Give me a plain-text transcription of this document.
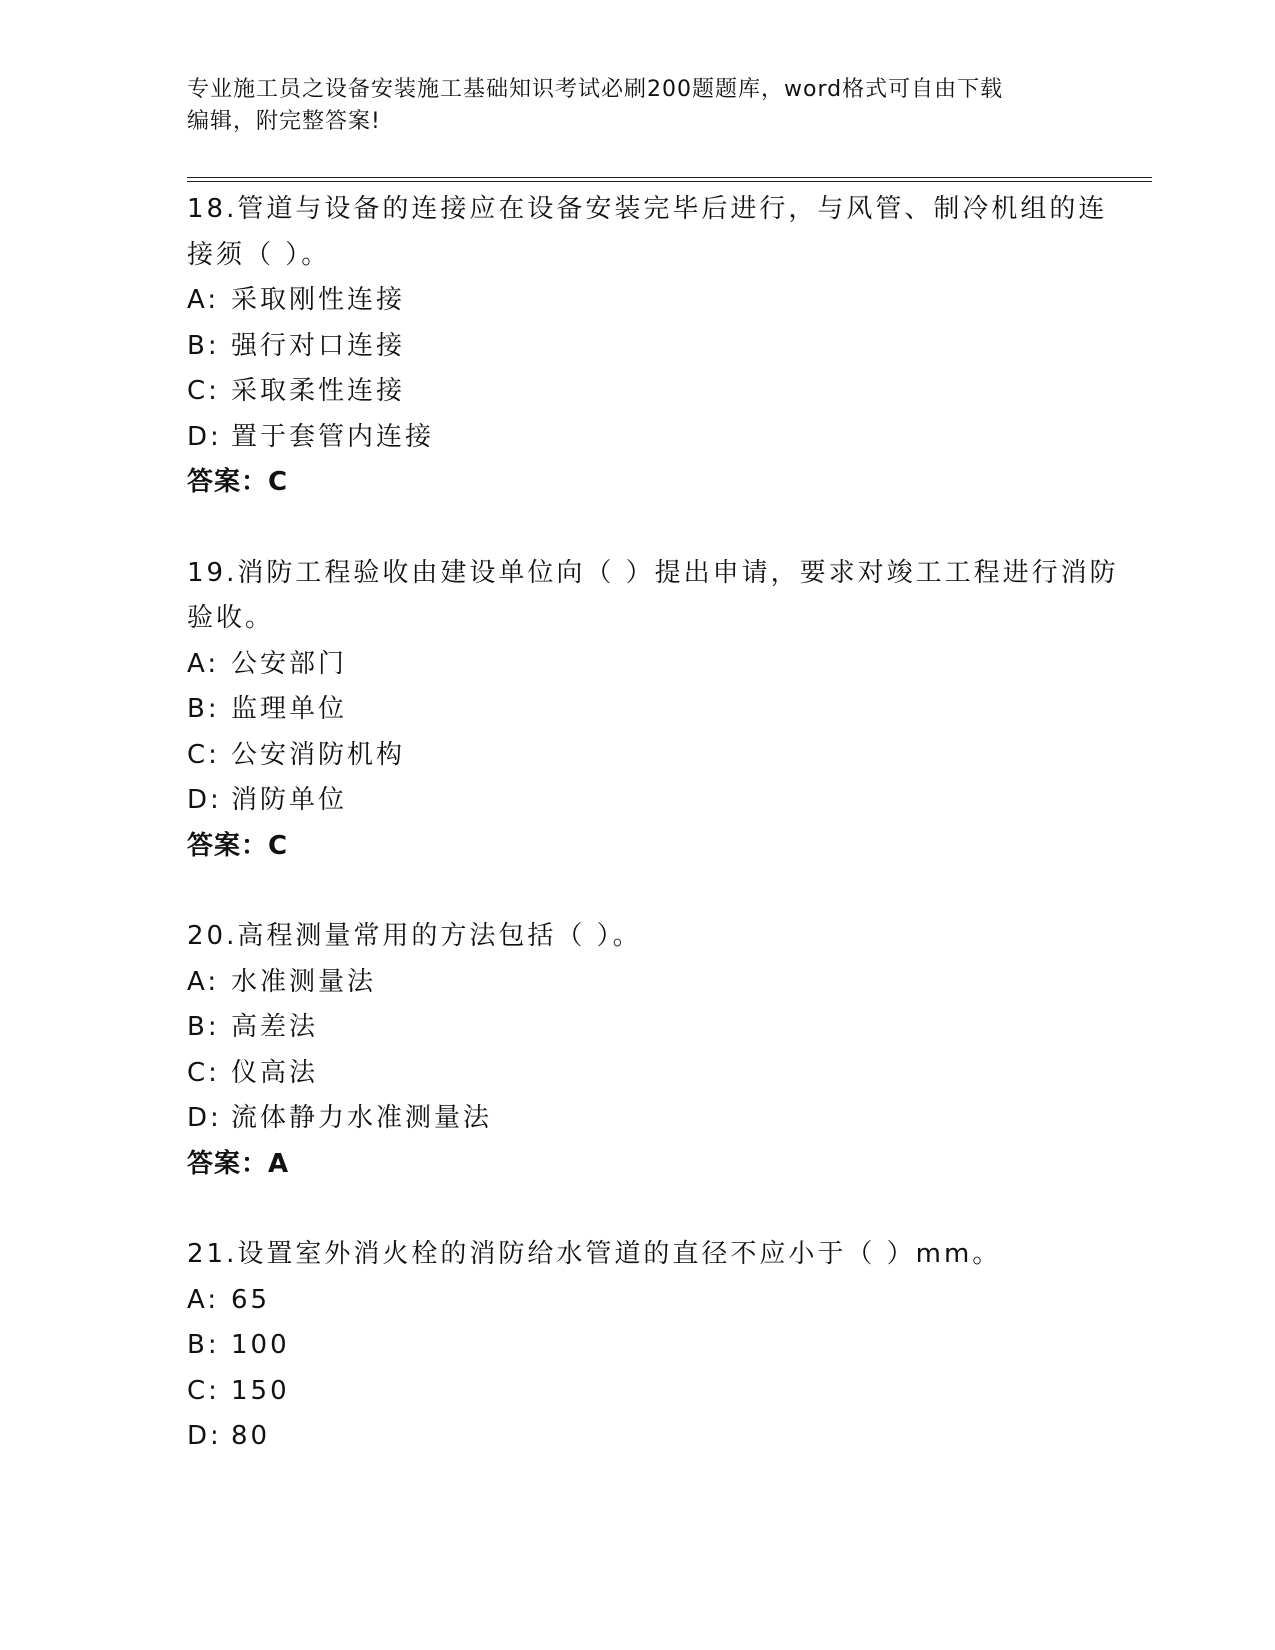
专业施工员之设备安装施工基础知识考试必刷200题题库，word格式可自由下载
编辑，附完整答案!
18.管道与设备的连接应在设备安装完毕后进行，与风管、制冷机组的连接须（ ）。
A: 采取刚性连接
B: 强行对口连接
C: 采取柔性连接
D: 置于套管内连接
答案：C
19.消防工程验收由建设单位向（ ）提出申请，要求对竣工工程进行消防验收。
A: 公安部门
B: 监理单位
C: 公安消防机构
D: 消防单位
答案：C
20.高程测量常用的方法包括（ ）。
A: 水准测量法
B: 高差法
C: 仪高法
D: 流体静力水准测量法
答案：A
21.设置室外消火栓的消防给水管道的直径不应小于（ ）mm。
A: 65
B: 100
C: 150
D: 80
